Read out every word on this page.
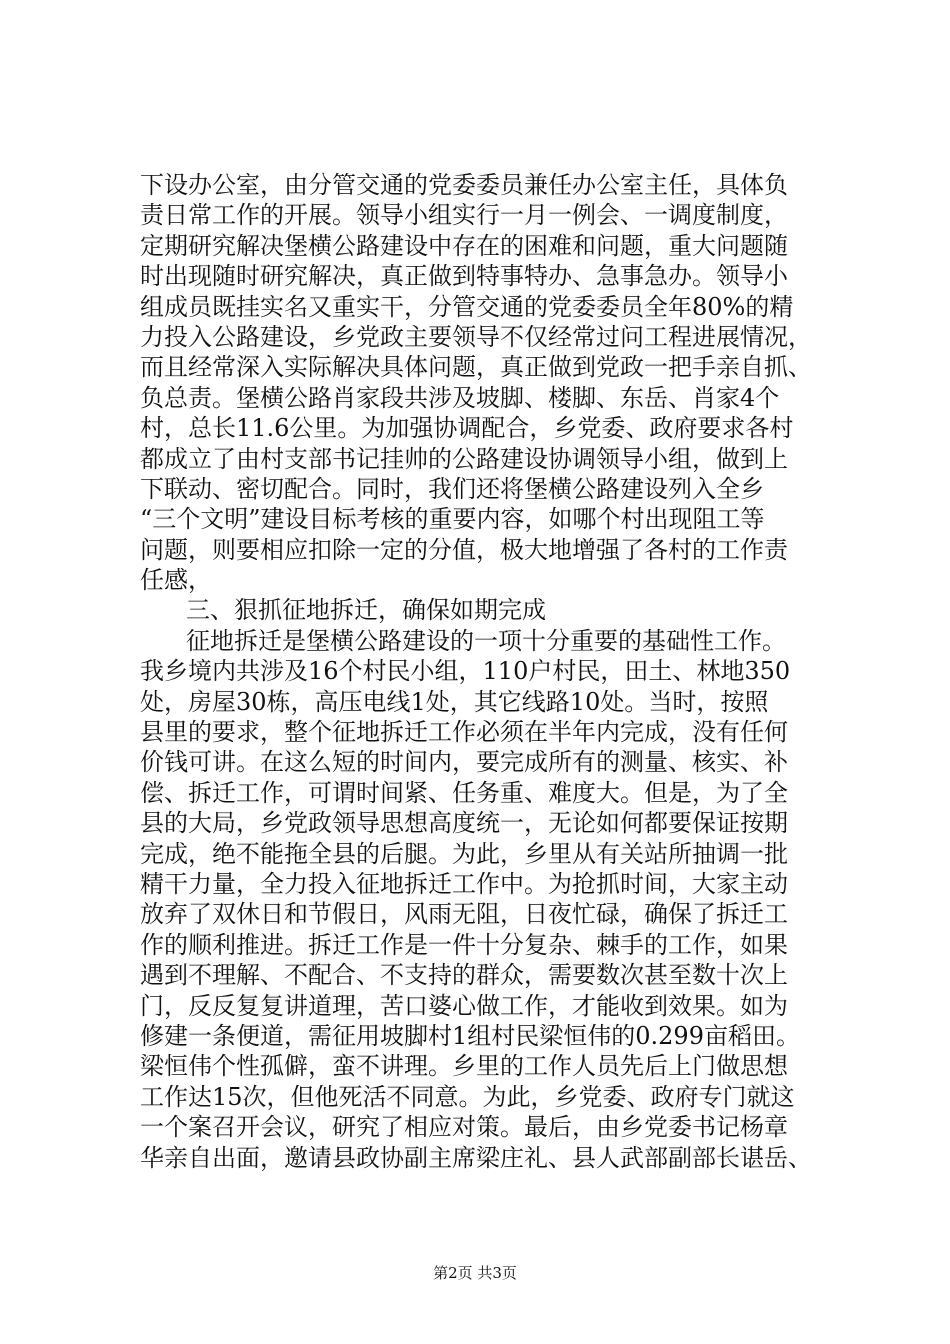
下设办公室，由分管交通的党委委员兼任办公室主任，具体负
责日常工作的开展。领导小组实行一月一例会、一调度制度，
定期研究解决堡横公路建设中存在的困难和问题，重大问题随
时出现随时研究解决，真正做到特事特办、急事急办。领导小
组成员既挂实名又重实干，分管交通的党委委员全年80%的精
力投入公路建设，乡党政主要领导不仅经常过问工程进展情况，
而且经常深入实际解决具体问题，真正做到党政一把手亲自抓、
负总责。堡横公路肖家段共涉及坡脚、楼脚、东岳、肖家4个
村，总长11.6公里。为加强协调配合，乡党委、政府要求各村
都成立了由村支部书记挂帅的公路建设协调领导小组，做到上
下联动、密切配合。同时，我们还将堡横公路建设列入全乡
“三个文明”建设目标考核的重要内容，如哪个村出现阻工等
问题，则要相应扣除一定的分值，极大地增强了各村的工作责
任感，
三、狠抓征地拆迁，确保如期完成
征地拆迁是堡横公路建设的一项十分重要的基础性工作。
我乡境内共涉及16个村民小组，110户村民，田土、林地350
处，房屋30栋，高压电线1处，其它线路10处。当时，按照
县里的要求，整个征地拆迁工作必须在半年内完成，没有任何
价钱可讲。在这么短的时间内，要完成所有的测量、核实、补
偿、拆迁工作，可谓时间紧、任务重、难度大。但是，为了全
县的大局，乡党政领导思想高度统一，无论如何都要保证按期
完成，绝不能拖全县的后腿。为此，乡里从有关站所抽调一批
精干力量，全力投入征地拆迁工作中。为抢抓时间，大家主动
放弃了双休日和节假日，风雨无阻，日夜忙碌，确保了拆迁工
作的顺利推进。拆迁工作是一件十分复杂、棘手的工作，如果
遇到不理解、不配合、不支持的群众，需要数次甚至数十次上
门，反反复复讲道理，苦口婆心做工作，才能收到效果。如为
修建一条便道，需征用坡脚村1组村民梁恒伟的0.299亩稻田。
梁恒伟个性孤僻，蛮不讲理。乡里的工作人员先后上门做思想
工作达15次，但他死活不同意。为此，乡党委、政府专门就这
一个案召开会议，研究了相应对策。最后，由乡党委书记杨章
华亲自出面，邀请县政协副主席梁庄礼、县人武部副部长谌岳、
第2页 共3页
